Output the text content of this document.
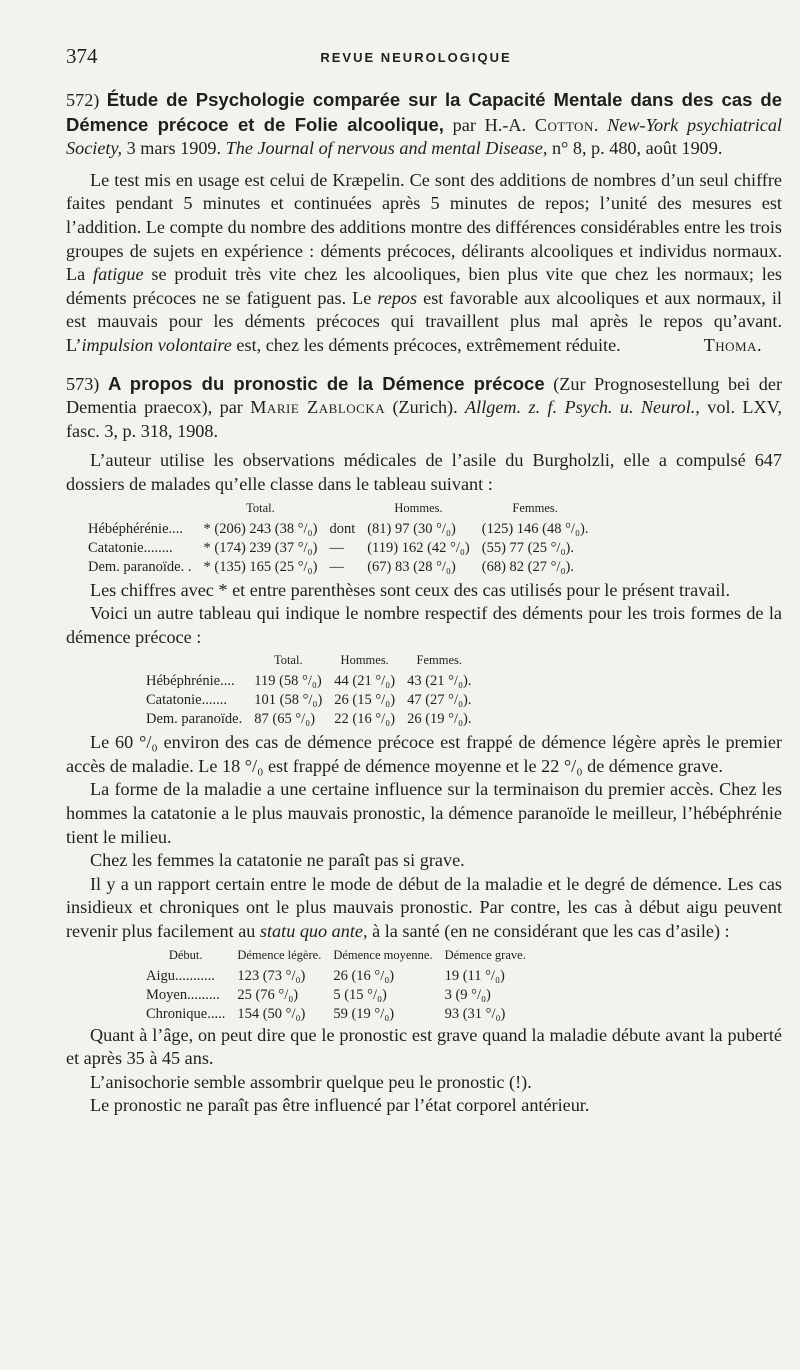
374	REVUE NEUROLOGIQUE

572) Étude de Psychologie comparée sur la Capacité Mentale dans des cas de Démence précoce et de Folie alcoolique, par H.-A. Cotton. New-York psychiatrical Society, 3 mars 1909. The Journal of nervous and mental Disease, n° 8, p. 480, août 1909.

Le test mis en usage est celui de Kræpelin. Ce sont des additions de nombres d’un seul chiffre faites pendant 5 minutes et continuées après 5 minutes de repos; l’unité des mesures est l’addition. Le compte du nombre des additions montre des différences considérables entre les trois groupes de sujets en expérience : déments précoces, délirants alcooliques et individus normaux. La fatigue se produit très vite chez les alcooliques, bien plus vite que chez les normaux; les déments précoces ne se fatiguent pas. Le repos est favorable aux alcooliques et aux normaux, il est mauvais pour les déments précoces qui travaillent plus mal après le repos qu’avant. L’impulsion volontaire est, chez les déments précoces, extrêmement réduite.	Thoma.

573) A propos du pronostic de la Démence précoce (Zur Prognosestellung bei der Dementia praecox), par Marie Zablocka (Zurich). Allgem. z. f. Psych. u. Neurol., vol. LXV, fasc. 3, p. 318, 1908.

L’auteur utilise les observations médicales de l’asile du Burgholzli, elle a compulsé 647 dossiers de malades qu’elle classe dans le tableau suivant :

	Total.		Hommes.	Femmes.
Hébéphérénie....	* (206) 243 (38 °/₀)	dont	(81) 97 (30 °/₀)	(125) 146 (48 °/₀).
Catatonie........	* (174) 239 (37 °/₀)	—	(119) 162 (42 °/₀)	(55) 77 (25 °/₀).
Dem. paranoïde. .	* (135) 165 (25 °/₀)	—	(67) 83 (28 °/₀)	(68) 82 (27 °/₀).

Les chiffres avec * et entre parenthèses sont ceux des cas utilisés pour le présent travail.

Voici un autre tableau qui indique le nombre respectif des déments pour les trois formes de la démence précoce :

	Total.	Hommes.	Femmes.
Hébéphrénie....	119 (58 °/₀)	44 (21 °/₀)	43 (21 °/₀).
Catatonie.......	101 (58 °/₀)	26 (15 °/₀)	47 (27 °/₀).
Dem. paranoïde.	87 (65 °/₀)	22 (16 °/₀)	26 (19 °/₀).

Le 60 °/₀ environ des cas de démence précoce est frappé de démence légère après le premier accès de maladie. Le 18 °/₀ est frappé de démence moyenne et le 22 °/₀ de démence grave.

La forme de la maladie a une certaine influence sur la terminaison du premier accès. Chez les hommes la catatonie a le plus mauvais pronostic, la démence paranoïde le meilleur, l’hébéphrénie tient le milieu.

Chez les femmes la catatonie ne paraît pas si grave.

Il y a un rapport certain entre le mode de début de la maladie et le degré de démence. Les cas insidieux et chroniques ont le plus mauvais pronostic. Par contre, les cas à début aigu peuvent revenir plus facilement au statu quo ante, à la santé (en ne considérant que les cas d’asile) :

Début.	Démence légère.	Démence moyenne.	Démence grave.
Aigu...........	123 (73 °/₀)	26 (16 °/₀)	19 (11 °/₀)
Moyen.........	25 (76 °/₀)	5 (15 °/₀)	3 (9 °/₀)
Chronique.....	154 (50 °/₀)	59 (19 °/₀)	93 (31 °/₀)

Quant à l’âge, on peut dire que le pronostic est grave quand la maladie débute avant la puberté et après 35 à 45 ans.

L’anisochorie semble assombrir quelque peu le pronostic (!).

Le pronostic ne paraît pas être influencé par l’état corporel antérieur.
